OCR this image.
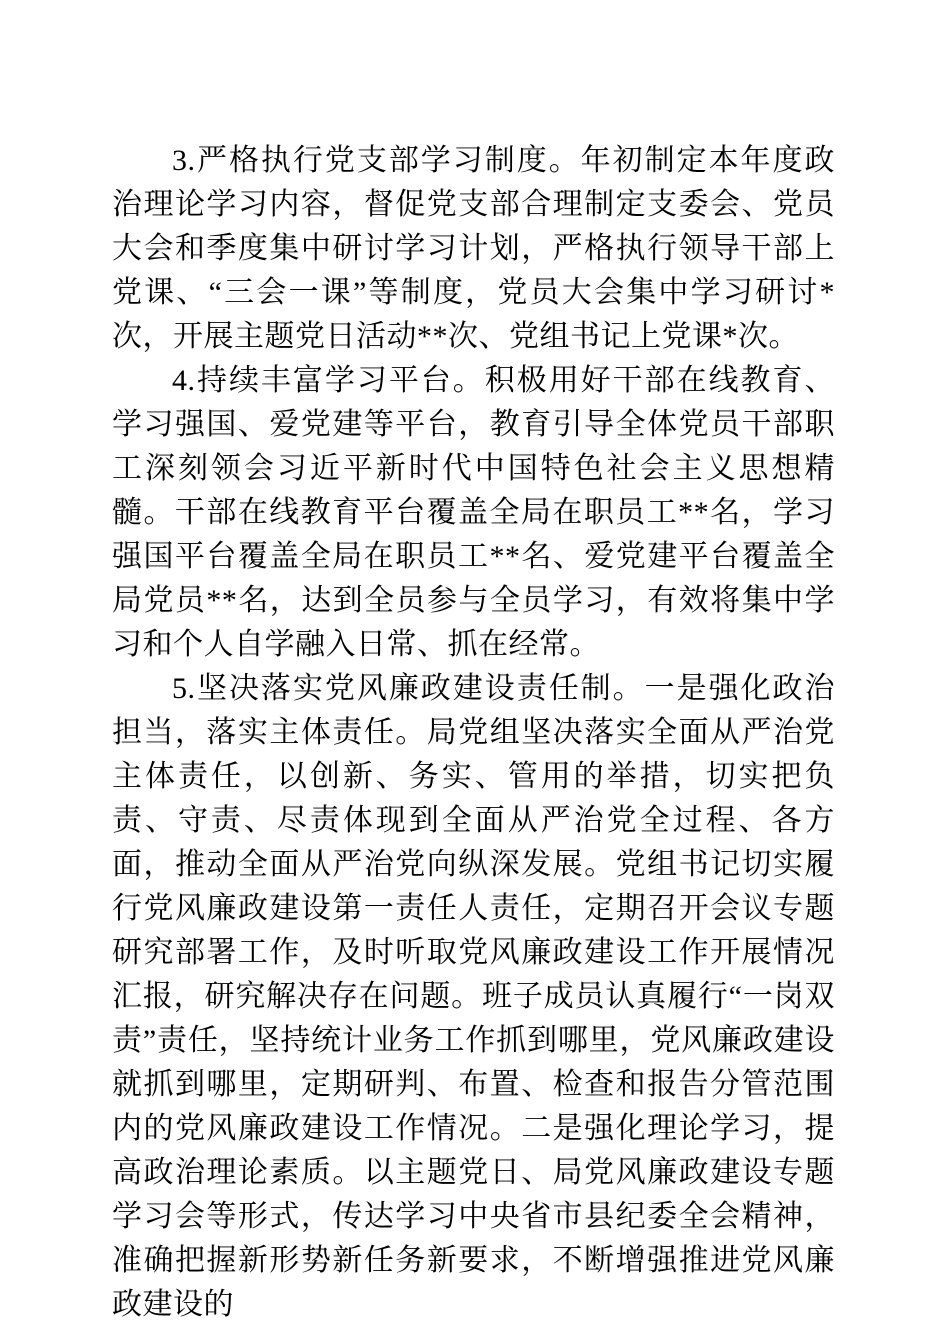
3.严格执行党支部学习制度。年初制定本年度政治理论学习内容，督促党支部合理制定支委会、党员大会和季度集中研讨学习计划，严格执行领导干部上党课、“三会一课”等制度，党员大会集中学习研讨*次，开展主题党日活动**次、党组书记上党课*次。

4.持续丰富学习平台。积极用好干部在线教育、学习强国、爱党建等平台，教育引导全体党员干部职工深刻领会习近平新时代中国特色社会主义思想精髓。干部在线教育平台覆盖全局在职员工**名，学习强国平台覆盖全局在职员工**名、爱党建平台覆盖全局党员**名，达到全员参与全员学习，有效将集中学习和个人自学融入日常、抓在经常。

5.坚决落实党风廉政建设责任制。一是强化政治担当，落实主体责任。局党组坚决落实全面从严治党主体责任，以创新、务实、管用的举措，切实把负责、守责、尽责体现到全面从严治党全过程、各方面，推动全面从严治党向纵深发展。党组书记切实履行党风廉政建设第一责任人责任，定期召开会议专题研究部署工作，及时听取党风廉政建设工作开展情况汇报，研究解决存在问题。班子成员认真履行“一岗双责”责任，坚持统计业务工作抓到哪里，党风廉政建设就抓到哪里，定期研判、布置、检查和报告分管范围内的党风廉政建设工作情况。二是强化理论学习，提高政治理论素质。以主题党日、局党风廉政建设专题学习会等形式，传达学习中央省市县纪委全会精神，准确把握新形势新任务新要求，不断增强推进党风廉政建设的
